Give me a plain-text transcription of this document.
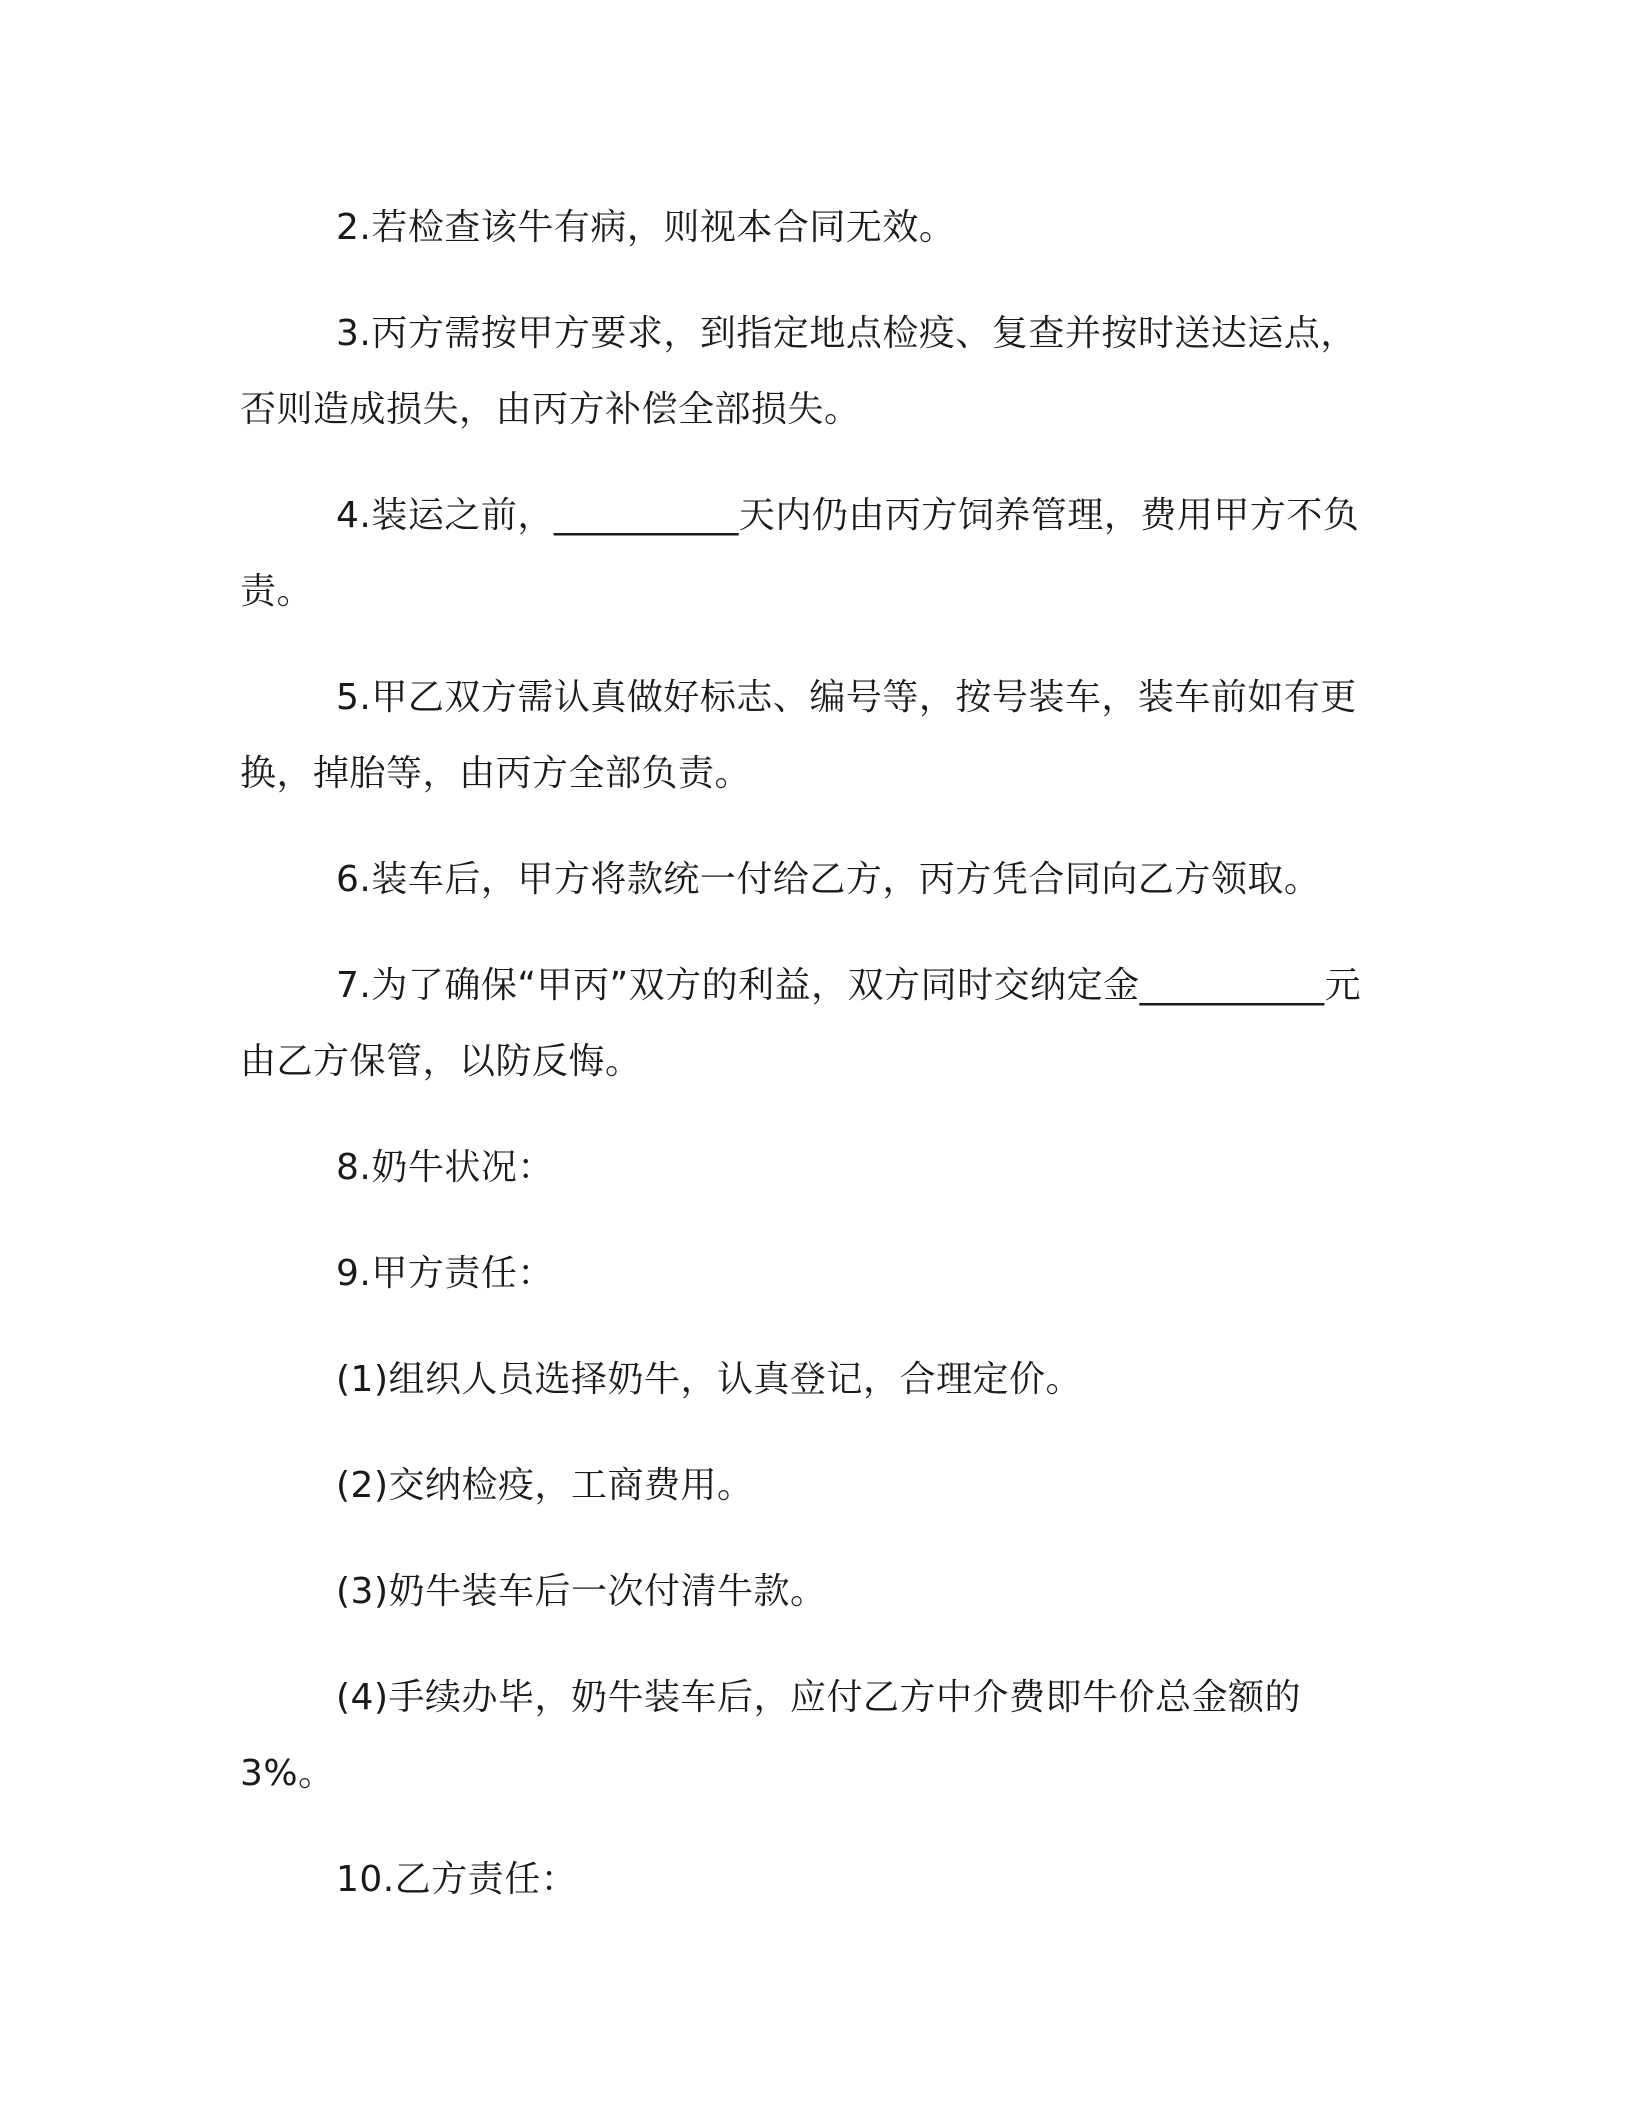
2.若检查该牛有病，则视本合同无效。

3.丙方需按甲方要求，到指定地点检疫、复查并按时送达运点，否则造成损失，由丙方补偿全部损失。

4.装运之前，__________天内仍由丙方饲养管理，费用甲方不负责。

5.甲乙双方需认真做好标志、编号等，按号装车，装车前如有更换，掉胎等，由丙方全部负责。

6.装车后，甲方将款统一付给乙方，丙方凭合同向乙方领取。

7.为了确保“甲丙”双方的利益，双方同时交纳定金__________元由乙方保管，以防反悔。

8.奶牛状况：

9.甲方责任：

(1)组织人员选择奶牛，认真登记，合理定价。

(2)交纳检疫，工商费用。

(3)奶牛装车后一次付清牛款。

(4)手续办毕，奶牛装车后，应付乙方中介费即牛价总金额的 3%。

10.乙方责任：
